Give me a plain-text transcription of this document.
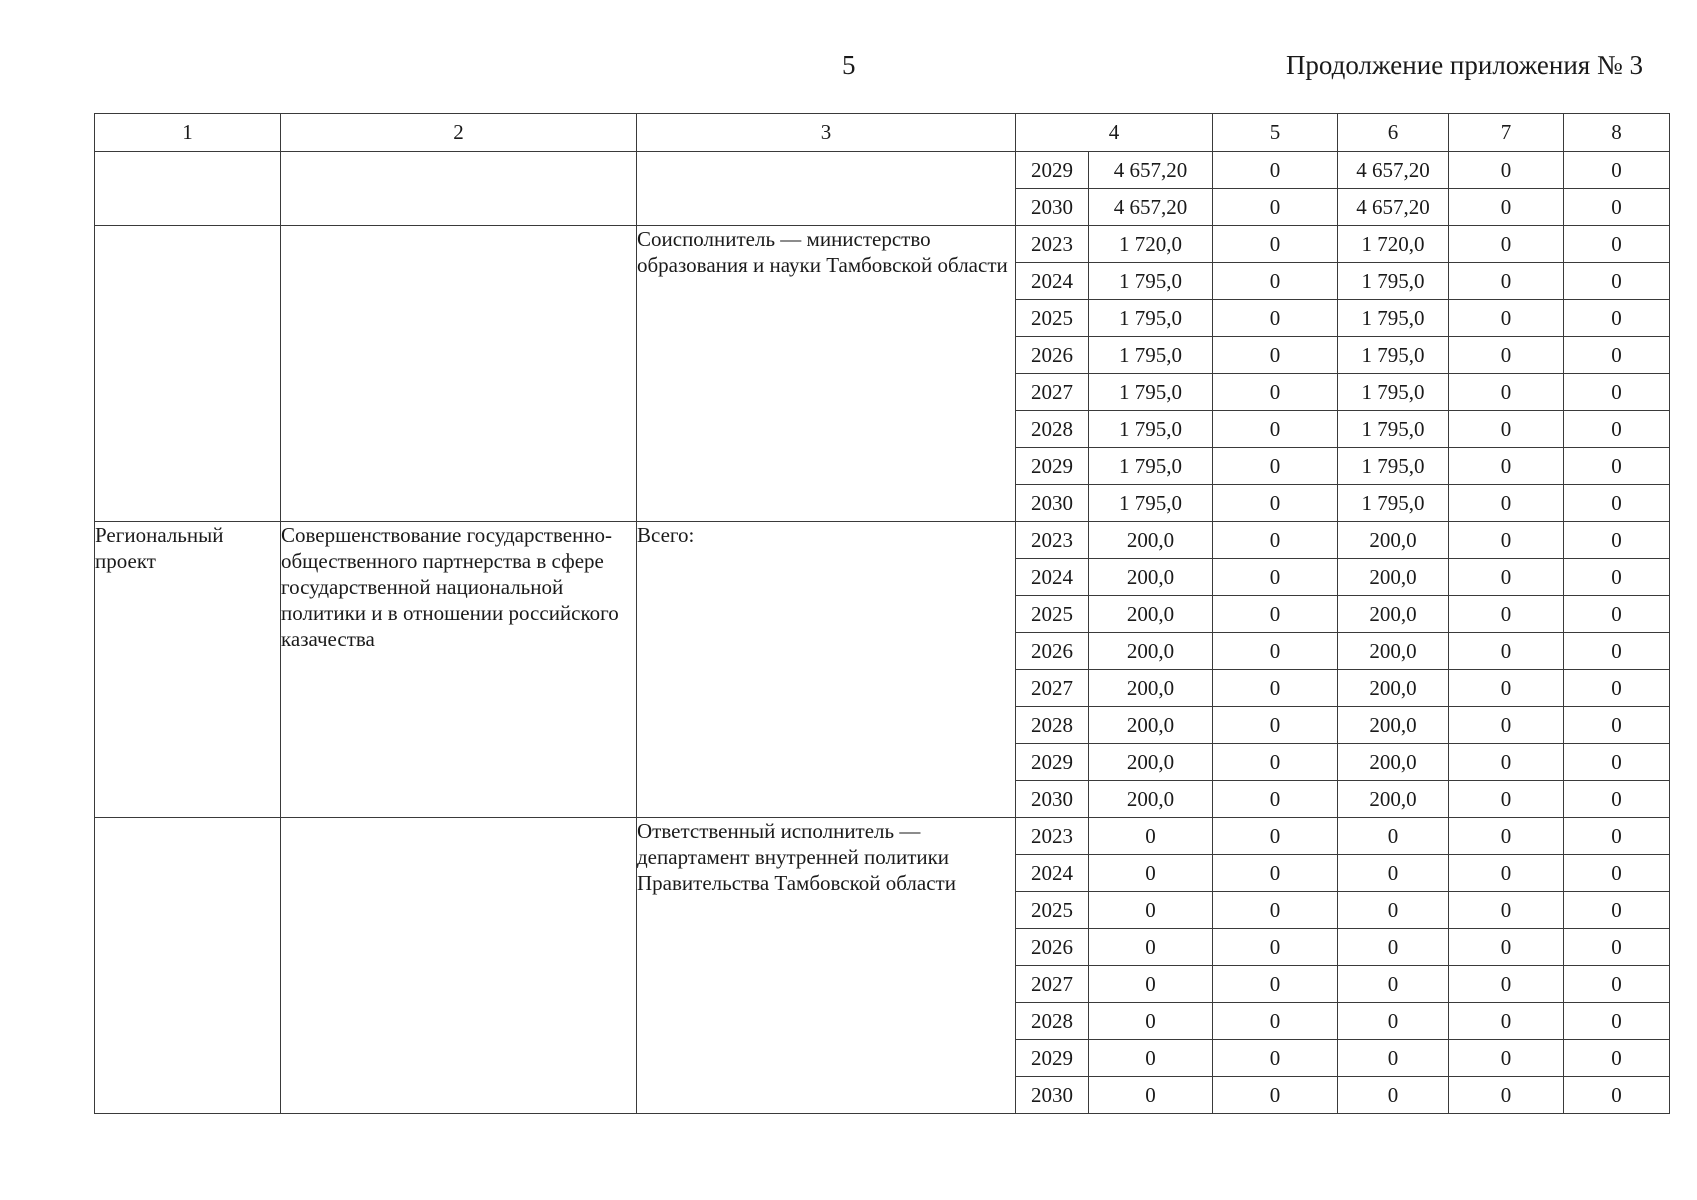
5	Продолжение приложения № 3
1	2	3	4		5	6	7	8
			2029	4 657,20	0	4 657,20	0	0
			2030	4 657,20	0	4 657,20	0	0
		Соисполнитель — министерство образования и науки Тамбовской области	2023	1 720,0	0	1 720,0	0	0
			2024	1 795,0	0	1 795,0	0	0
			2025	1 795,0	0	1 795,0	0	0
			2026	1 795,0	0	1 795,0	0	0
			2027	1 795,0	0	1 795,0	0	0
			2028	1 795,0	0	1 795,0	0	0
			2029	1 795,0	0	1 795,0	0	0
			2030	1 795,0	0	1 795,0	0	0
Региональный проект	Совершенствование государственно-общественного партнерства в сфере государственной национальной политики и в отношении российского казачества	Всего:	2023	200,0	0	200,0	0	0
			2024	200,0	0	200,0	0	0
			2025	200,0	0	200,0	0	0
			2026	200,0	0	200,0	0	0
			2027	200,0	0	200,0	0	0
			2028	200,0	0	200,0	0	0
			2029	200,0	0	200,0	0	0
			2030	200,0	0	200,0	0	0
		Ответственный исполнитель — департамент внутренней политики Правительства Тамбовской области	2023	0	0	0	0	0
			2024	0	0	0	0	0
			2025	0	0	0	0	0
			2026	0	0	0	0	0
			2027	0	0	0	0	0
			2028	0	0	0	0	0
			2029	0	0	0	0	0
			2030	0	0	0	0	0
